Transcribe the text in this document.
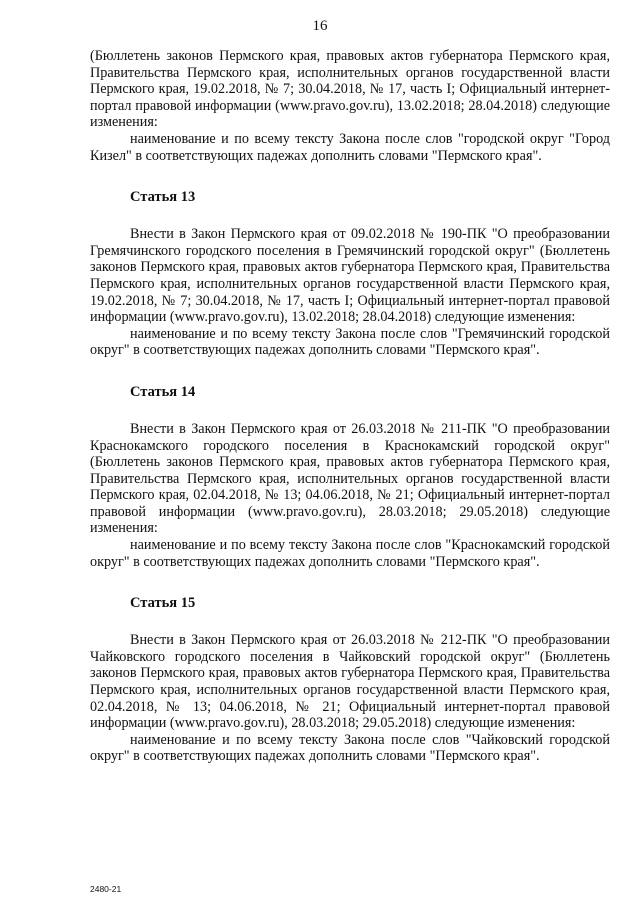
16

(Бюллетень законов Пермского края, правовых актов губернатора Пермского края, Правительства Пермского края, исполнительных органов государственной власти Пермского края, 19.02.2018, № 7; 30.04.2018, № 17, часть I; Официальный интернет-портал правовой информации (www.pravo.gov.ru), 13.02.2018; 28.04.2018) следующие изменения:

наименование и по всему тексту Закона после слов "городской округ "Город Кизел" в соответствующих падежах дополнить словами "Пермского края".

Статья 13

Внести в Закон Пермского края от 09.02.2018 № 190-ПК "О преобразовании Гремячинского городского поселения в Гремячинский городской округ" (Бюллетень законов Пермского края, правовых актов губернатора Пермского края, Правительства Пермского края, исполнительных органов государственной власти Пермского края, 19.02.2018, № 7; 30.04.2018, № 17, часть I; Официальный интернет-портал правовой информации (www.pravo.gov.ru), 13.02.2018; 28.04.2018) следующие изменения:

наименование и по всему тексту Закона после слов "Гремячинский городской округ" в соответствующих падежах дополнить словами "Пермского края".

Статья 14

Внести в Закон Пермского края от 26.03.2018 № 211-ПК "О преобразовании Краснокамского городского поселения в Краснокамский городской округ" (Бюллетень законов Пермского края, правовых актов губернатора Пермского края, Правительства Пермского края, исполнительных органов государственной власти Пермского края, 02.04.2018, № 13; 04.06.2018, № 21; Официальный интернет-портал правовой информации (www.pravo.gov.ru), 28.03.2018; 29.05.2018) следующие изменения:

наименование и по всему тексту Закона после слов "Краснокамский городской округ" в соответствующих падежах дополнить словами "Пермского края".

Статья 15

Внести в Закон Пермского края от 26.03.2018 № 212-ПК "О преобразовании Чайковского городского поселения в Чайковский городской округ" (Бюллетень законов Пермского края, правовых актов губернатора Пермского края, Правительства Пермского края, исполнительных органов государственной власти Пермского края, 02.04.2018, № 13; 04.06.2018, № 21; Официальный интернет-портал правовой информации (www.pravo.gov.ru), 28.03.2018; 29.05.2018) следующие изменения:

наименование и по всему тексту Закона после слов "Чайковский городской округ" в соответствующих падежах дополнить словами "Пермского края".

2480-21
